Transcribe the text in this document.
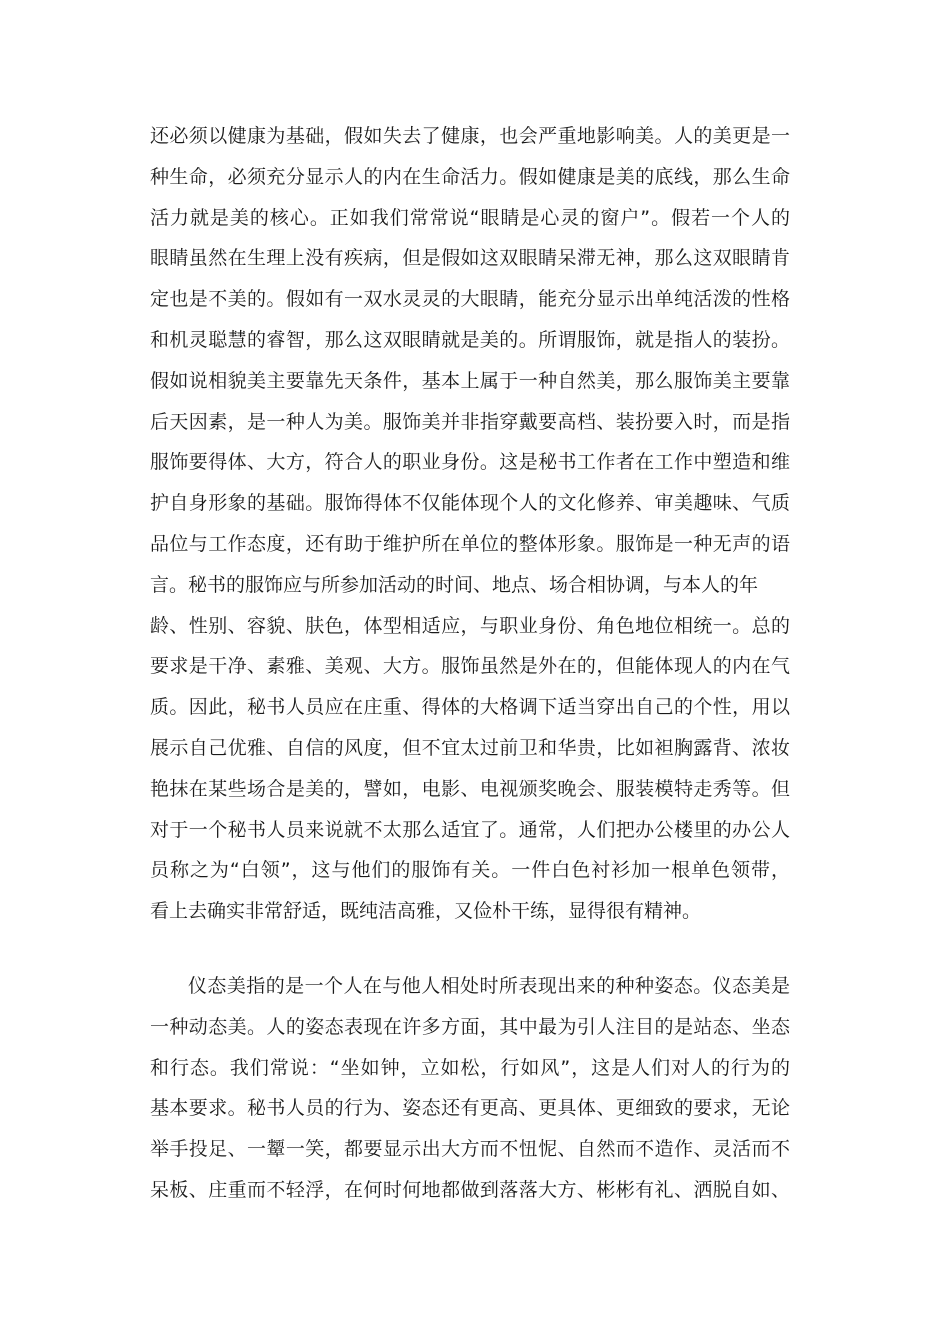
还必须以健康为基础，假如失去了健康，也会严重地影响美。人的美更是一
种生命，必须充分显示人的内在生命活力。假如健康是美的底线，那么生命
活力就是美的核心。正如我们常常说“眼睛是心灵的窗户”。假若一个人的
眼睛虽然在生理上没有疾病，但是假如这双眼睛呆滞无神，那么这双眼睛肯
定也是不美的。假如有一双水灵灵的大眼睛，能充分显示出单纯活泼的性格
和机灵聪慧的睿智，那么这双眼睛就是美的。所谓服饰，就是指人的装扮。
假如说相貌美主要靠先天条件，基本上属于一种自然美，那么服饰美主要靠
后天因素，是一种人为美。服饰美并非指穿戴要高档、装扮要入时，而是指
服饰要得体、大方，符合人的职业身份。这是秘书工作者在工作中塑造和维
护自身形象的基础。服饰得体不仅能体现个人的文化修养、审美趣味、气质
品位与工作态度，还有助于维护所在单位的整体形象。服饰是一种无声的语
言。秘书的服饰应与所参加活动的时间、地点、场合相协调，与本人的年
龄、性别、容貌、肤色，体型相适应，与职业身份、角色地位相统一。总的
要求是干净、素雅、美观、大方。服饰虽然是外在的，但能体现人的内在气
质。因此，秘书人员应在庄重、得体的大格调下适当穿出自己的个性，用以
展示自己优雅、自信的风度，但不宜太过前卫和华贵，比如袒胸露背、浓妆
艳抹在某些场合是美的，譬如，电影、电视颁奖晚会、服装模特走秀等。但
对于一个秘书人员来说就不太那么适宜了。通常，人们把办公楼里的办公人
员称之为“白领”，这与他们的服饰有关。一件白色衬衫加一根单色领带，
看上去确实非常舒适，既纯洁高雅，又俭朴干练，显得很有精神。
仪态美指的是一个人在与他人相处时所表现出来的种种姿态。仪态美是
一种动态美。人的姿态表现在许多方面，其中最为引人注目的是站态、坐态
和行态。我们常说：“坐如钟，立如松，行如风”，这是人们对人的行为的
基本要求。秘书人员的行为、姿态还有更高、更具体、更细致的要求，无论
举手投足、一颦一笑，都要显示出大方而不忸怩、自然而不造作、灵活而不
呆板、庄重而不轻浮，在何时何地都做到落落大方、彬彬有礼、洒脱自如、
